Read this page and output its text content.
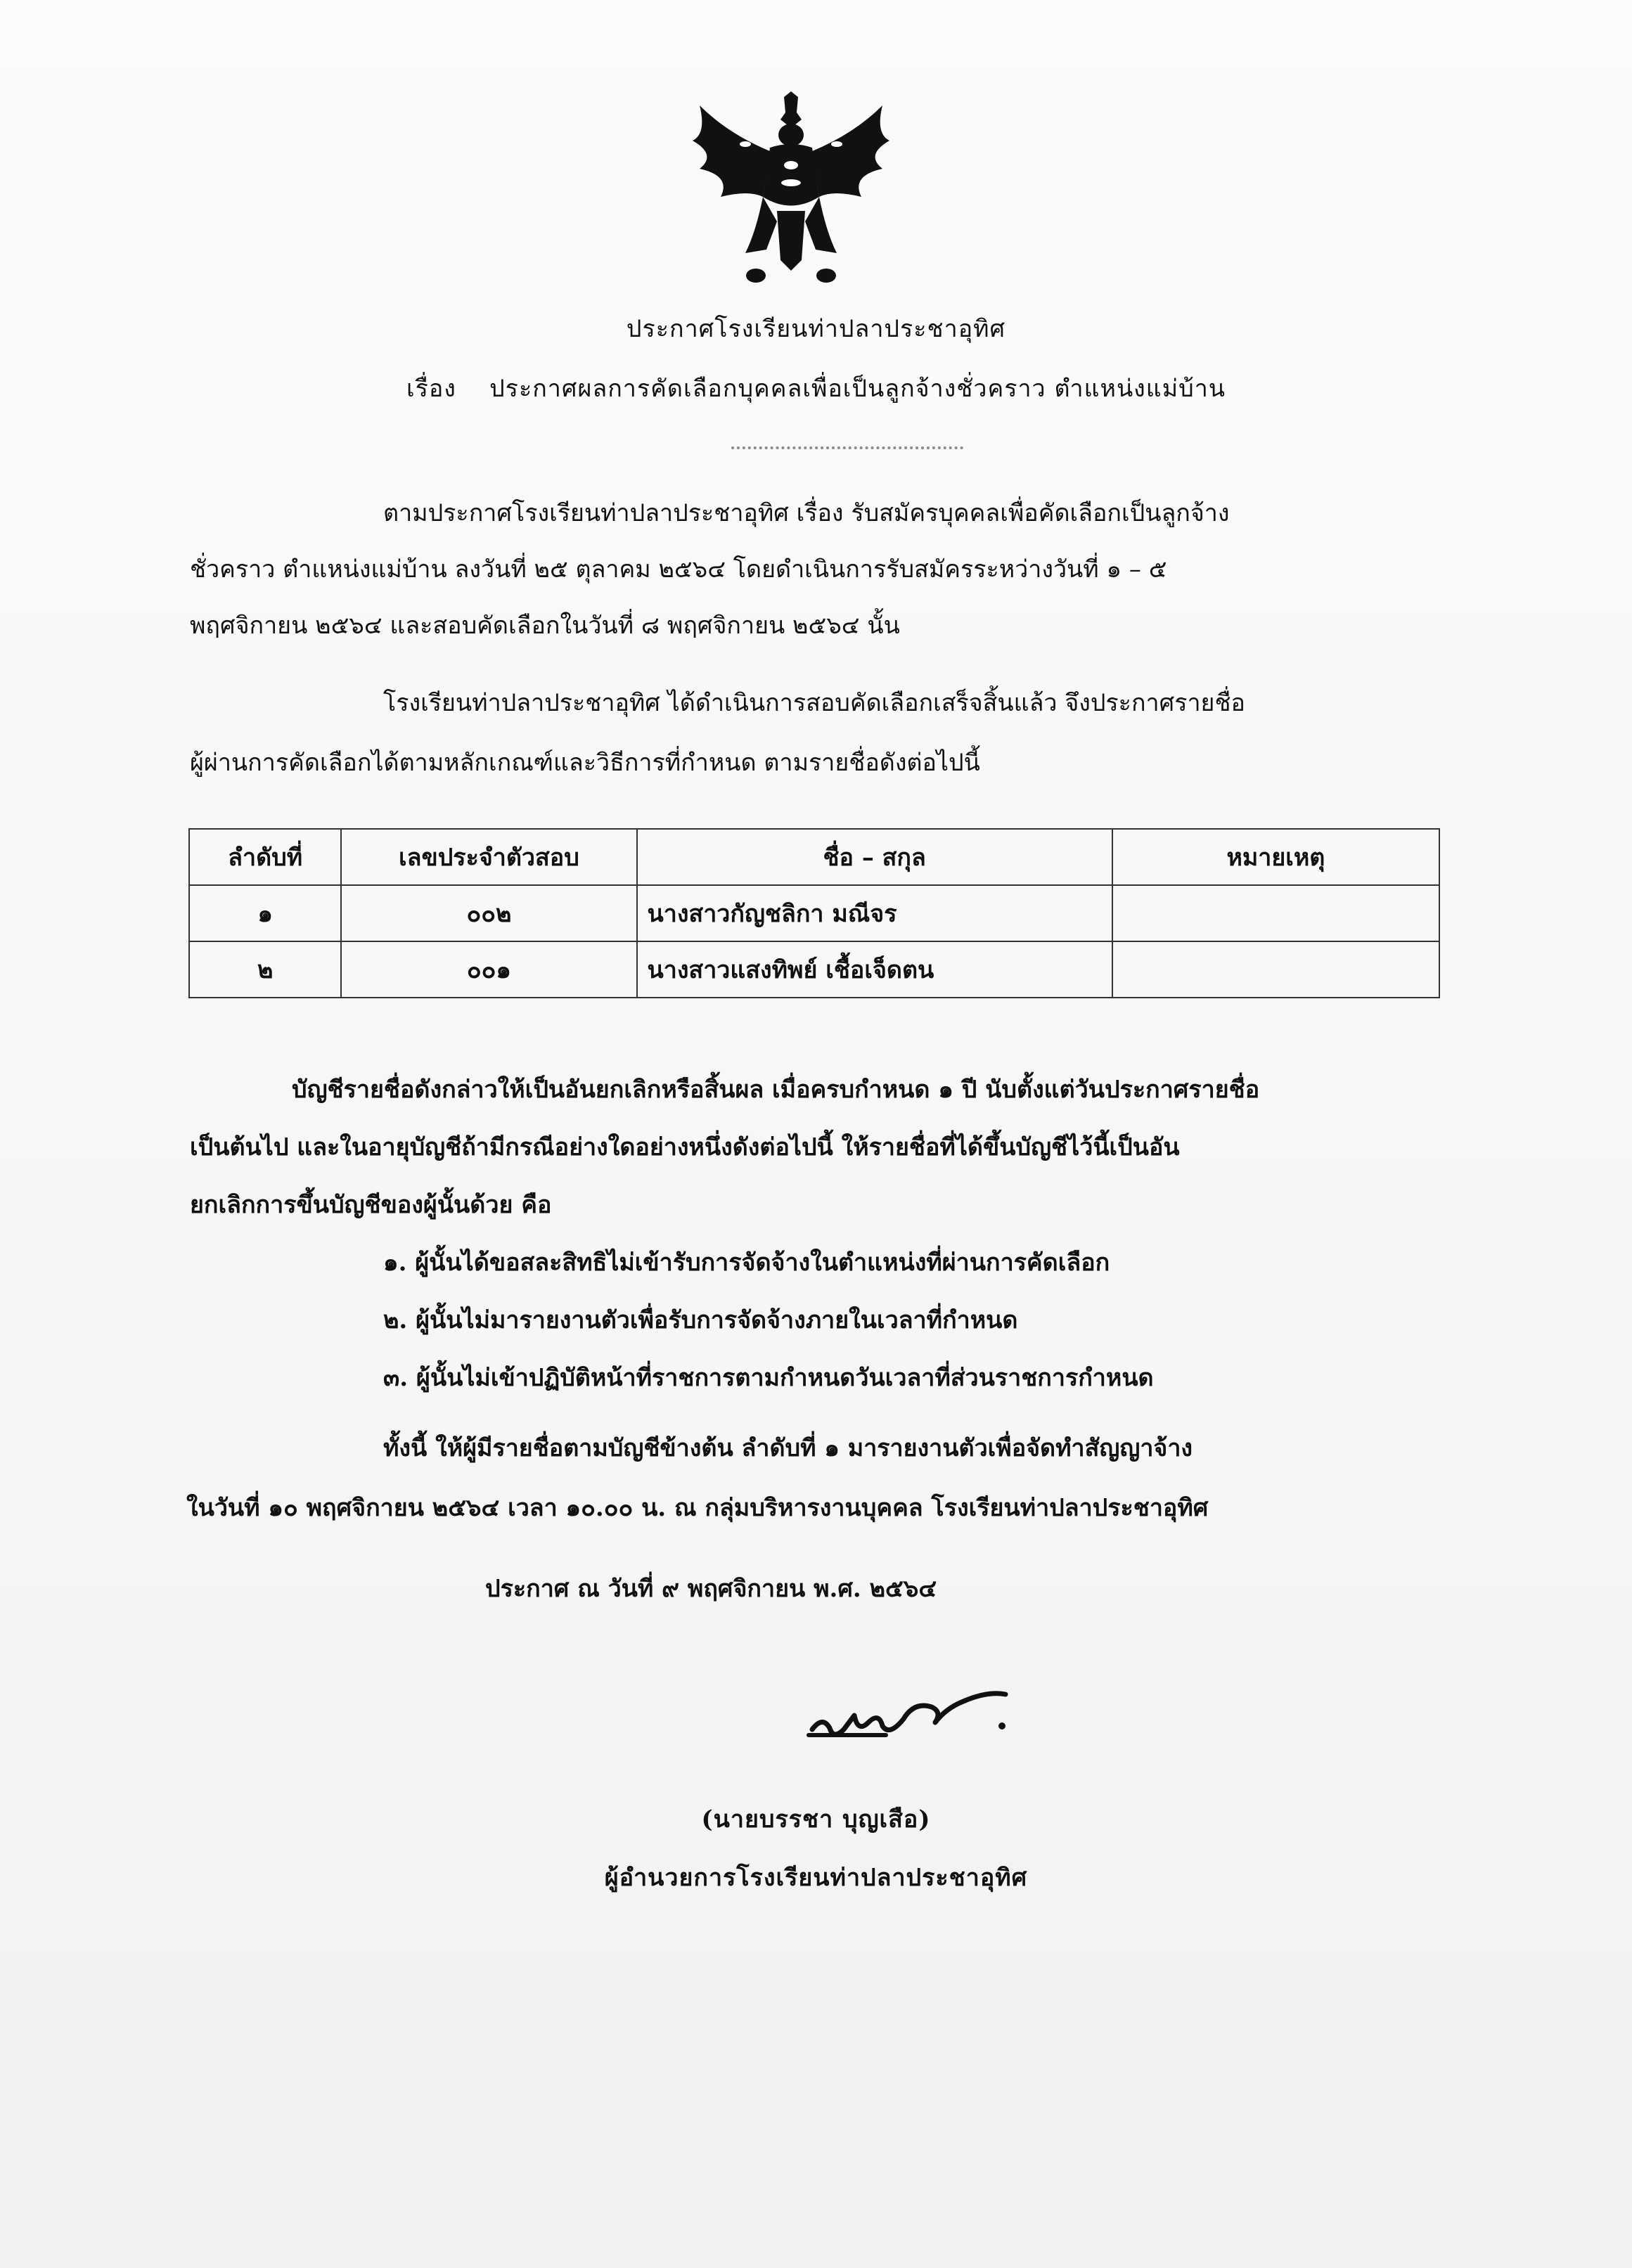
ประกาศโรงเรียนท่าปลาประชาอุทิศ
เรื่อง ประกาศผลการคัดเลือกบุคคลเพื่อเป็นลูกจ้างชั่วคราว ตำแหน่งแม่บ้าน
ตามประกาศโรงเรียนท่าปลาประชาอุทิศ เรื่อง รับสมัครบุคคลเพื่อคัดเลือกเป็นลูกจ้าง
ชั่วคราว ตำแหน่งแม่บ้าน ลงวันที่ ๒๕ ตุลาคม ๒๕๖๔ โดยดำเนินการรับสมัครระหว่างวันที่ ๑ – ๕
พฤศจิกายน ๒๕๖๔ และสอบคัดเลือกในวันที่ ๘ พฤศจิกายน ๒๕๖๔ นั้น
โรงเรียนท่าปลาประชาอุทิศ ได้ดำเนินการสอบคัดเลือกเสร็จสิ้นแล้ว จึงประกาศรายชื่อ
ผู้ผ่านการคัดเลือกได้ตามหลักเกณฑ์และวิธีการที่กำหนด ตามรายชื่อดังต่อไปนี้
ลำดับที่	เลขประจำตัวสอบ	ชื่อ – สกุล	หมายเหตุ
๑	๐๐๒	นางสาวกัญชลิกา มณีจร	
๒	๐๐๑	นางสาวแสงทิพย์ เชื้อเจ็ดตน	
บัญชีรายชื่อดังกล่าวให้เป็นอันยกเลิกหรือสิ้นผล เมื่อครบกำหนด ๑ ปี นับตั้งแต่วันประกาศรายชื่อ
เป็นต้นไป และในอายุบัญชีถ้ามีกรณีอย่างใดอย่างหนึ่งดังต่อไปนี้ ให้รายชื่อที่ได้ขึ้นบัญชีไว้นี้เป็นอัน
ยกเลิกการขึ้นบัญชีของผู้นั้นด้วย คือ
๑. ผู้นั้นได้ขอสละสิทธิไม่เข้ารับการจัดจ้างในตำแหน่งที่ผ่านการคัดเลือก
๒. ผู้นั้นไม่มารายงานตัวเพื่อรับการจัดจ้างภายในเวลาที่กำหนด
๓. ผู้นั้นไม่เข้าปฏิบัติหน้าที่ราชการตามกำหนดวันเวลาที่ส่วนราชการกำหนด
ทั้งนี้ ให้ผู้มีรายชื่อตามบัญชีข้างต้น ลำดับที่ ๑ มารายงานตัวเพื่อจัดทำสัญญาจ้าง
ในวันที่ ๑๐ พฤศจิกายน ๒๕๖๔ เวลา ๑๐.๐๐ น. ณ กลุ่มบริหารงานบุคคล โรงเรียนท่าปลาประชาอุทิศ
ประกาศ ณ วันที่ ๙ พฤศจิกายน พ.ศ. ๒๕๖๔
(นายบรรชา บุญเสือ)
ผู้อำนวยการโรงเรียนท่าปลาประชาอุทิศ
